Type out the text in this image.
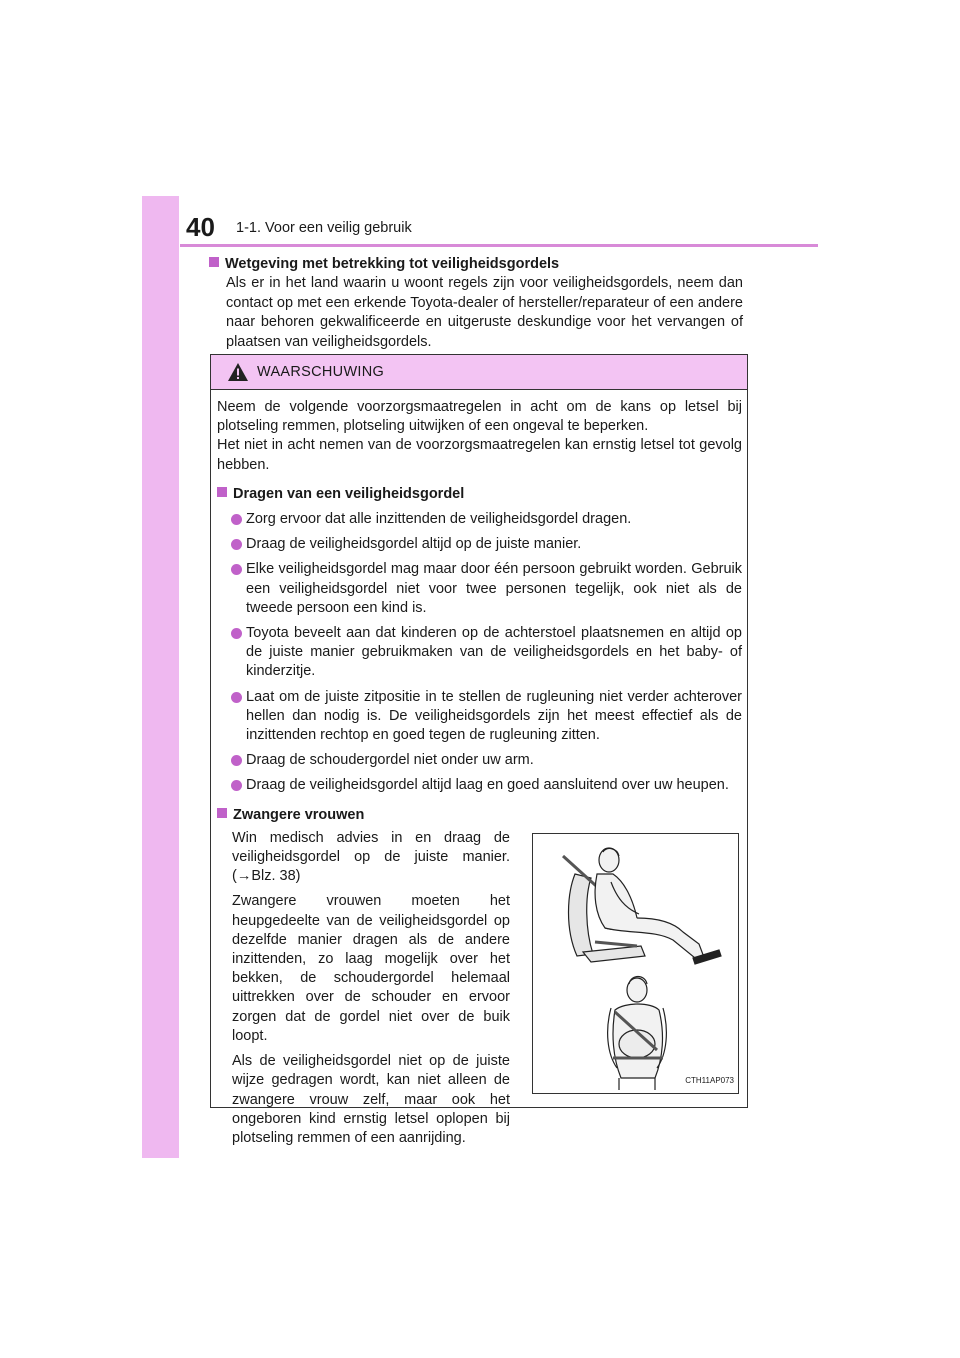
40 1-1. Voor een veilig gebruik
Wetgeving met betrekking tot veiligheidsgordels
Als er in het land waarin u woont regels zijn voor veiligheidsgordels, neem dan contact op met een erkende Toyota-dealer of hersteller/reparateur of een andere naar behoren gekwalificeerde en uitgeruste deskundige voor het vervangen of plaatsen van veiligheidsgordels.
WAARSCHUWING

Neem de volgende voorzorgsmaatregelen in acht om de kans op letsel bij plotseling remmen, plotseling uitwijken of een ongeval te beperken.

Het niet in acht nemen van de voorzorgsmaatregelen kan ernstig letsel tot gevolg hebben.

Dragen van een veiligheidsgordel
Zorg ervoor dat alle inzittenden de veiligheidsgordel dragen.
Draag de veiligheidsgordel altijd op de juiste manier.
Elke veiligheidsgordel mag maar door één persoon gebruikt worden. Gebruik een veiligheidsgordel niet voor twee personen tegelijk, ook niet als de tweede persoon een kind is.
Toyota beveelt aan dat kinderen op de achterstoel plaatsnemen en altijd op de juiste manier gebruikmaken van de veiligheidsgordels en het baby- of kinderzitje.
Laat om de juiste zitpositie in te stellen de rugleuning niet verder achterover hellen dan nodig is. De veiligheidsgordels zijn het meest effectief als de inzittenden rechtop en goed tegen de rugleuning zitten.
Draag de schoudergordel niet onder uw arm.
Draag de veiligheidsgordel altijd laag en goed aansluitend over uw heupen.
Zwangere vrouwen

Win medisch advies in en draag de veiligheidsgordel op de juiste manier. (→Blz. 38)

Zwangere vrouwen moeten het heupgedeelte van de veiligheidsgordel op dezelfde manier dragen als de andere inzittenden, zo laag mogelijk over het bekken, de schoudergordel helemaal uittrekken over de schouder en ervoor zorgen dat de gordel niet over de buik loopt.

Als de veiligheidsgordel niet op de juiste wijze gedragen wordt, kan niet alleen de zwangere vrouw zelf, maar ook het ongeboren kind ernstig letsel oplopen bij plotseling remmen of een aanrijding.

CTH11AP073
